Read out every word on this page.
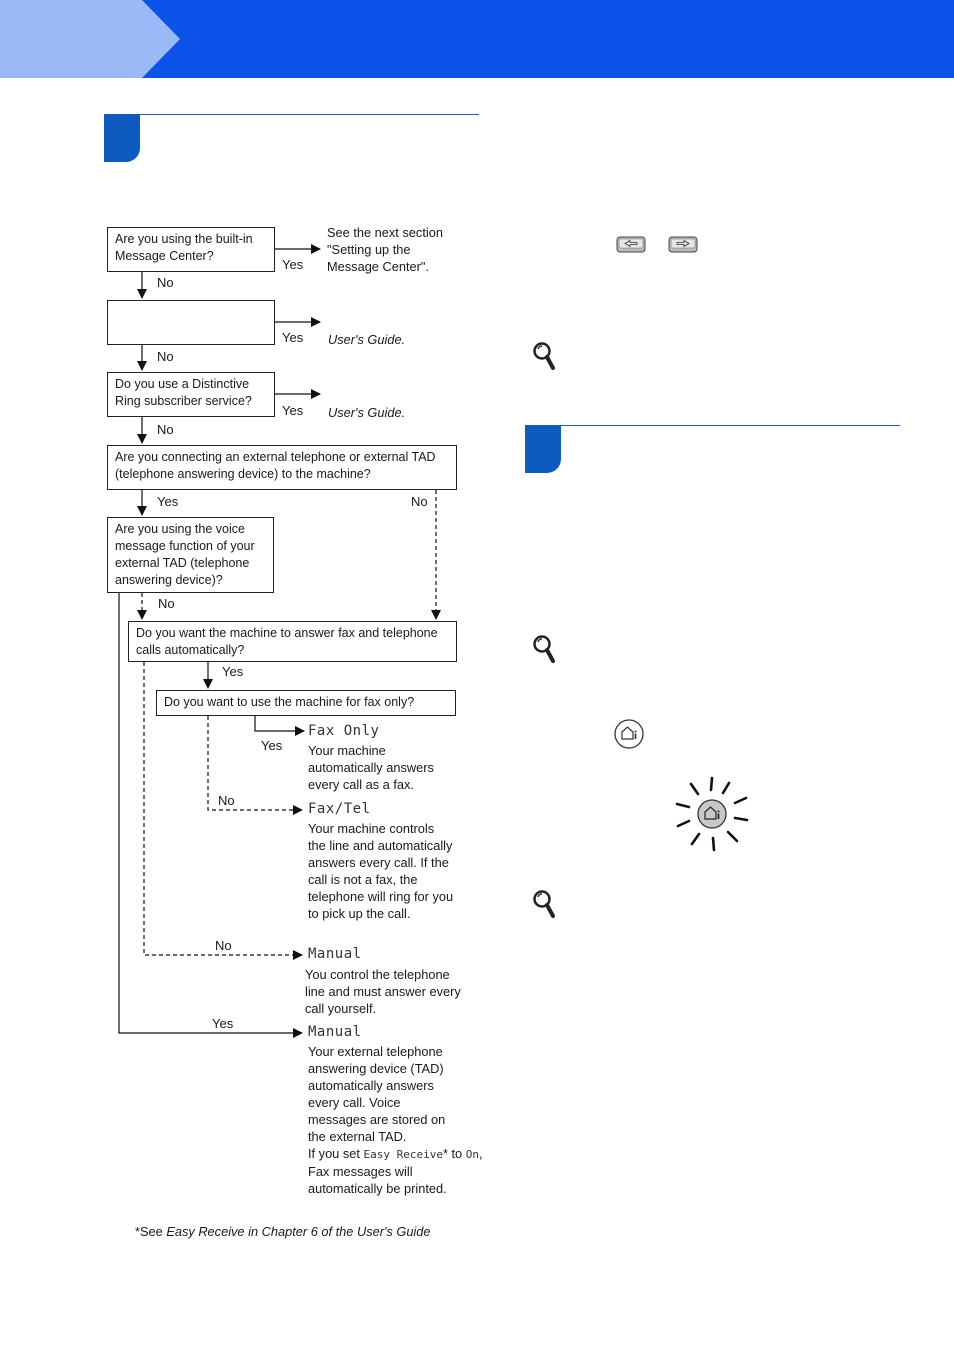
Are you using the built-in Message Center?
See the next section "Setting up the Message Center".
Yes
No
Yes User's Guide.
No
Do you use a Distinctive Ring subscriber service?
Yes User's Guide.
No
Are you connecting an external telephone or external TAD (telephone answering device) to the machine?
Yes	No
Are you using the voice message function of your external TAD (telephone answering device)?
No
Do you want the machine to answer fax and telephone calls automatically?
Yes
Do you want to use the machine for fax only?
Yes
No
No
Yes
Fax Only
Your machine automatically answers every call as a fax.
Fax/Tel
Your machine controls the line and automatically answers every call. If the call is not a fax, the telephone will ring for you to pick up the call.
Manual
You control the telephone line and must answer every call yourself.
Manual
Your external telephone answering device (TAD) automatically answers every call. Voice messages are stored on the external TAD.
If you set Easy Receive* to On, Fax messages will automatically be printed.
*See Easy Receive in Chapter 6 of the User's Guide
